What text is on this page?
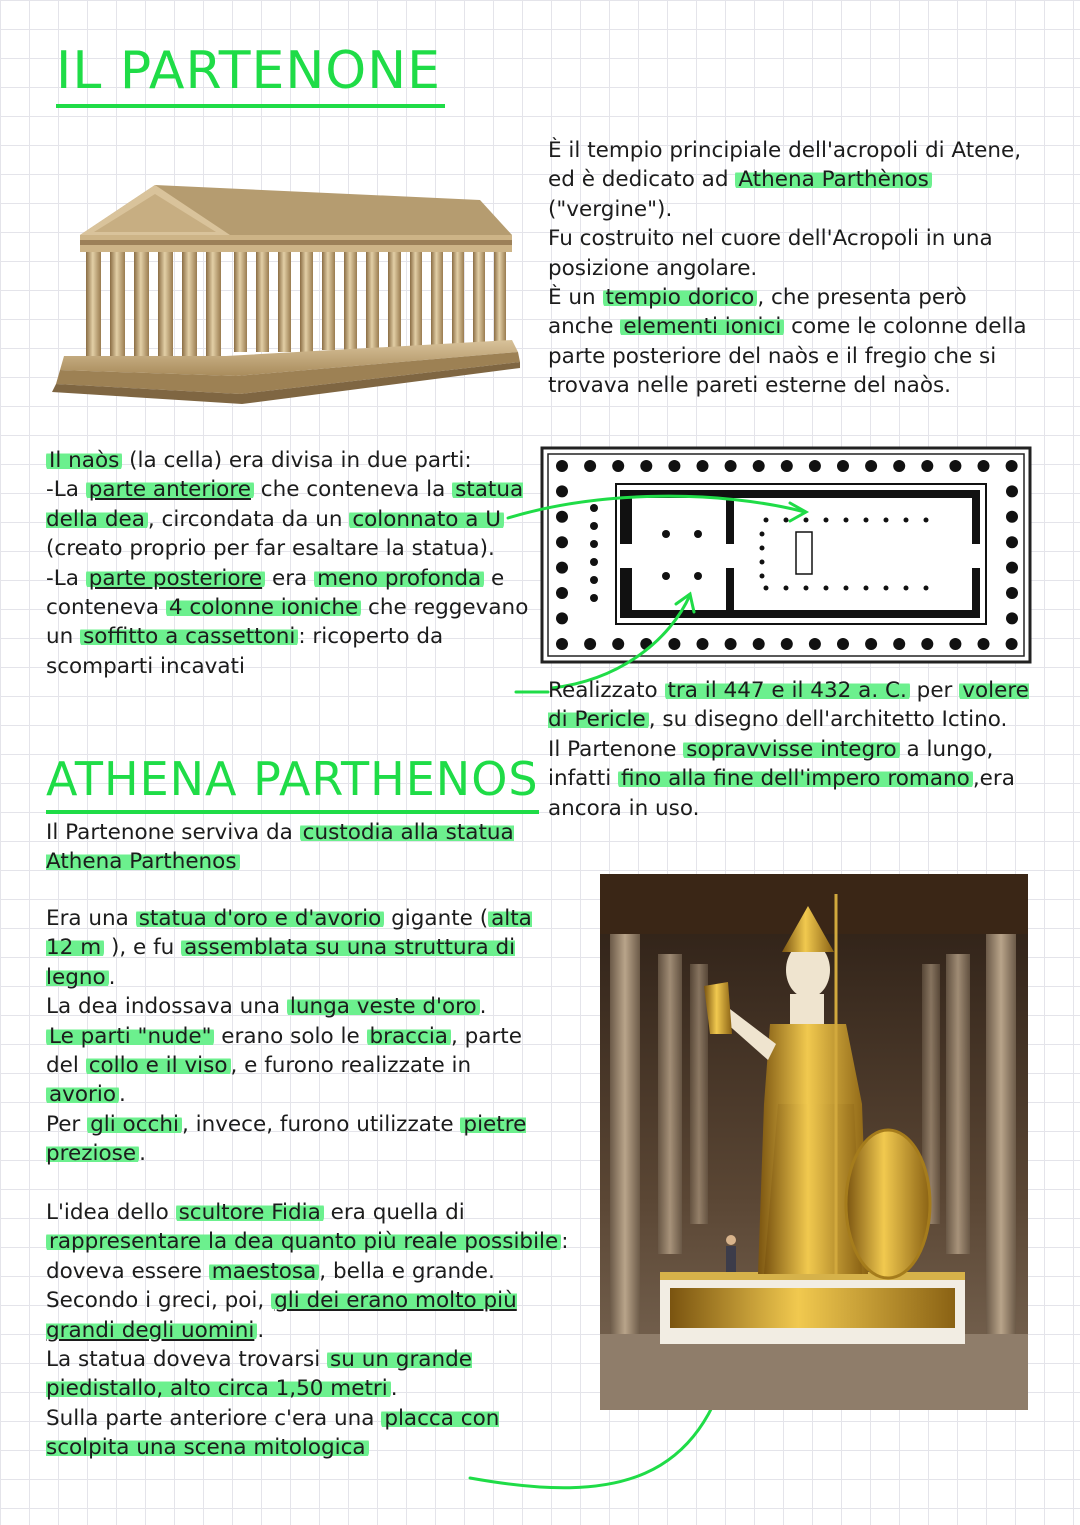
IL PARTENONE
ATHENA PARTHENOS
È il tempio principiale dell'acropoli di Atene, ed è dedicato ad Athena Parthènos ("vergine").
Fu costruito nel cuore dell'Acropoli in una posizione angolare.
È un tempio dorico , che presenta però anche elementi ionici come le colonne della parte posteriore del naòs e il fregio che si trovava nelle pareti esterne del naòs.
Il naòs (la cella) era divisa in due parti:
-La parte anteriore che conteneva la statua della dea , circondata da un colonnato a U (creato proprio per far esaltare la statua).
-La parte posteriore era meno profonda e conteneva 4 colonne ioniche che reggevano un soffitto a cassettoni : ricoperto da scomparti incavati
Realizzato tra il 447 e il 432 a. C. per volere di Pericle , su disegno dell'architetto Ictino.
Il Partenone sopravvisse integro a lungo, infatti fino alla fine dell'impero romano ,era ancora in uso.
Il Partenone serviva da custodia alla statua Athena Parthenos
Era una statua d'oro e d'avorio gigante ( alta 12 m ), e fu assemblata su una struttura di legno .
La dea indossava una lunga veste d'oro .
Le parti "nude" erano solo le braccia , parte del collo e il viso , e furono realizzate in avorio .
Per gli occhi , invece, furono utilizzate pietre preziose .
L'idea dello scultore Fidia era quella di rappresentare la dea quanto più reale possibile : doveva essere maestosa , bella e grande.
Secondo i greci, poi, gli dei erano molto più grandi degli uomini .
La statua doveva trovarsi su un grande piedistallo, alto circa 1,50 metri .
Sulla parte anteriore c'era una placca con scolpita una scena mitologica
